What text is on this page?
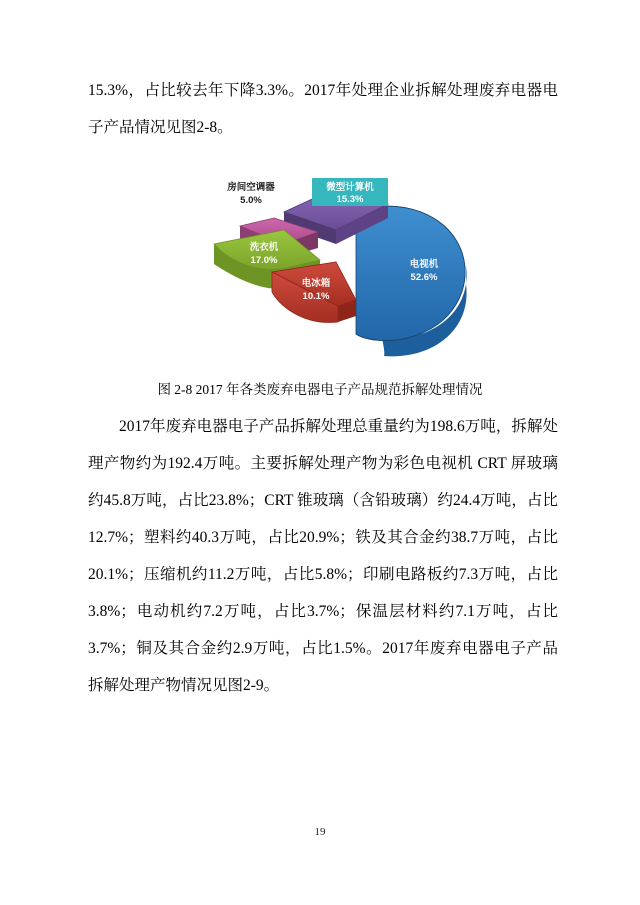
15.3%，占比较去年下降3.3%。2017年处理企业拆解处理废弃电器电子产品情况见图2-8。
电视机
52.6%
微型计算机
15.3%
房间空调器
5.0%
洗衣机
17.0%
电冰箱
10.1%
图 2-8 2017 年各类废弃电器电子产品规范拆解处理情况
2017年废弃电器电子产品拆解处理总重量约为198.6万吨，拆解处理产物约为192.4万吨。主要拆解处理产物为彩色电视机 CRT 屏玻璃约45.8万吨，占比23.8%；CRT 锥玻璃（含铅玻璃）约24.4万吨，占比12.7%；塑料约40.3万吨，占比20.9%；铁及其合金约38.7万吨，占比20.1%；压缩机约11.2万吨，占比5.8%；印刷电路板约7.3万吨，占比3.8%；电动机约7.2万吨，占比3.7%；保温层材料约7.1万吨，占比3.7%；铜及其合金约2.9万吨，占比1.5%。2017年废弃电器电子产品拆解处理产物情况见图2-9。
19
